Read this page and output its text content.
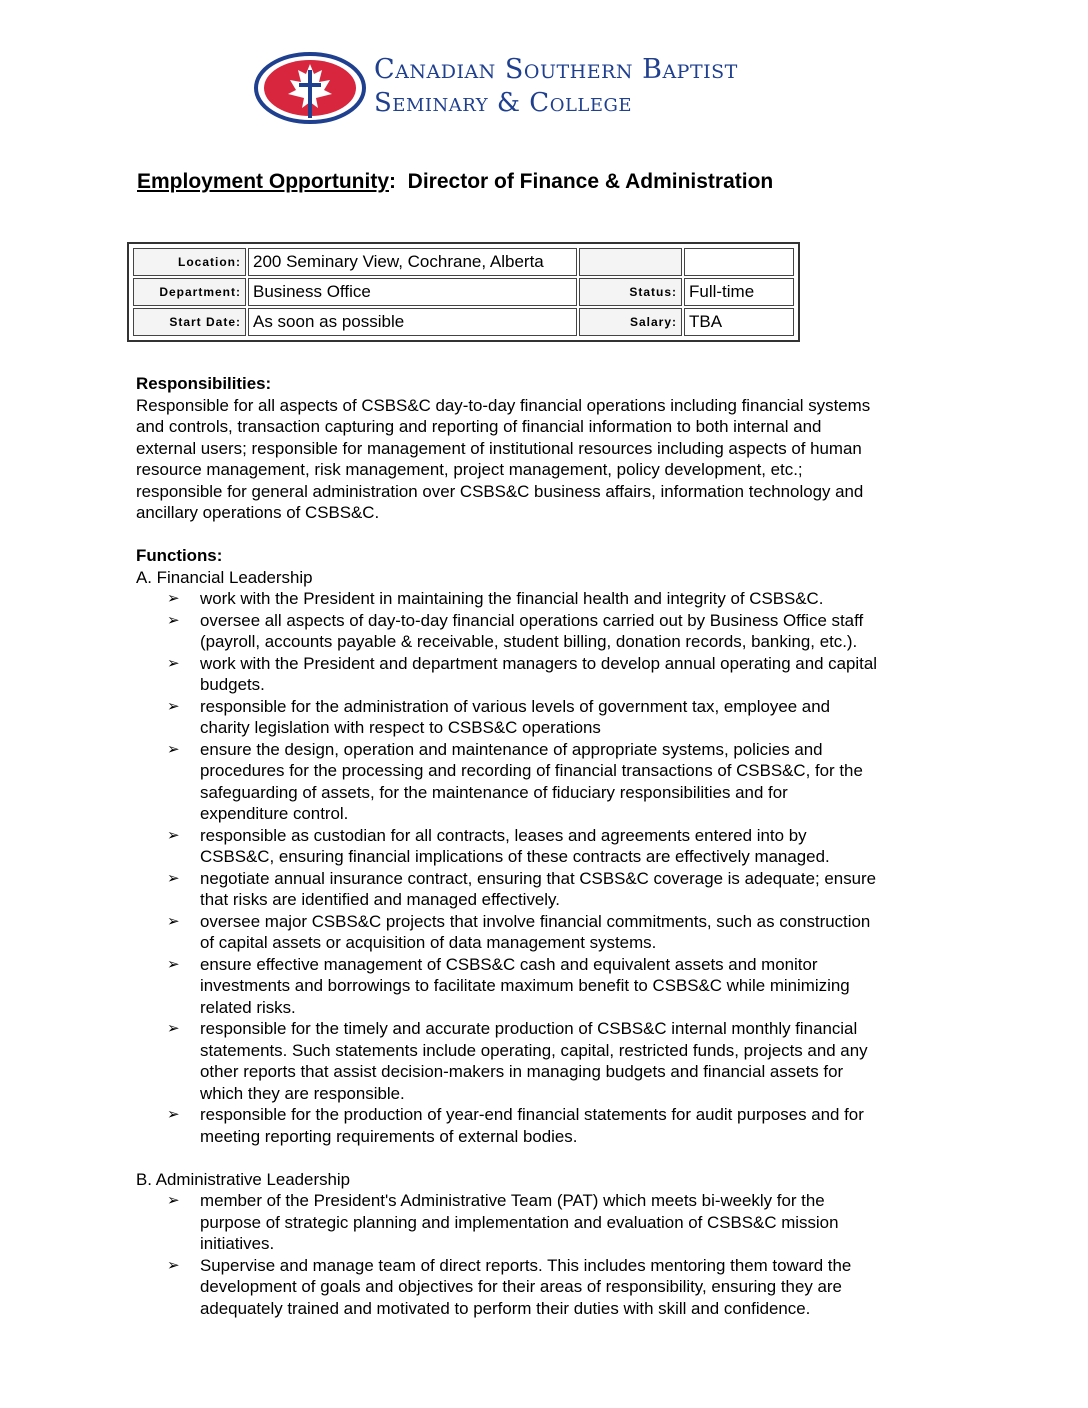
Canadian Southern Baptist
Seminary & College
Employment Opportunity: Director of Finance & Administration
Location:	200 Seminary View, Cochrane, Alberta		
Department:	Business Office	Status:	Full-time
Start Date:	As soon as possible	Salary:	TBA
Responsibilities:
Responsible for all aspects of CSBS&C day-to-day financial operations including financial systems
and controls, transaction capturing and reporting of financial information to both internal and
external users; responsible for management of institutional resources including aspects of human
resource management, risk management, project management, policy development, etc.;
responsible for general administration over CSBS&C business affairs, information technology and
ancillary operations of CSBS&C.
Functions:
A. Financial Leadership
➢ work with the President in maintaining the financial health and integrity of CSBS&C.
➢ oversee all aspects of day-to-day financial operations carried out by Business Office staff
(payroll, accounts payable & receivable, student billing, donation records, banking, etc.).
➢ work with the President and department managers to develop annual operating and capital
budgets.
➢ responsible for the administration of various levels of government tax, employee and
charity legislation with respect to CSBS&C operations
➢ ensure the design, operation and maintenance of appropriate systems, policies and
procedures for the processing and recording of financial transactions of CSBS&C, for the
safeguarding of assets, for the maintenance of fiduciary responsibilities and for
expenditure control.
➢ responsible as custodian for all contracts, leases and agreements entered into by
CSBS&C, ensuring financial implications of these contracts are effectively managed.
➢ negotiate annual insurance contract, ensuring that CSBS&C coverage is adequate; ensure
that risks are identified and managed effectively.
➢ oversee major CSBS&C projects that involve financial commitments, such as construction
of capital assets or acquisition of data management systems.
➢ ensure effective management of CSBS&C cash and equivalent assets and monitor
investments and borrowings to facilitate maximum benefit to CSBS&C while minimizing
related risks.
➢ responsible for the timely and accurate production of CSBS&C internal monthly financial
statements. Such statements include operating, capital, restricted funds, projects and any
other reports that assist decision-makers in managing budgets and financial assets for
which they are responsible.
➢ responsible for the production of year-end financial statements for audit purposes and for
meeting reporting requirements of external bodies.
B. Administrative Leadership
➢ member of the President's Administrative Team (PAT) which meets bi-weekly for the
purpose of strategic planning and implementation and evaluation of CSBS&C mission
initiatives.
➢ Supervise and manage team of direct reports. This includes mentoring them toward the
development of goals and objectives for their areas of responsibility, ensuring they are
adequately trained and motivated to perform their duties with skill and confidence.
